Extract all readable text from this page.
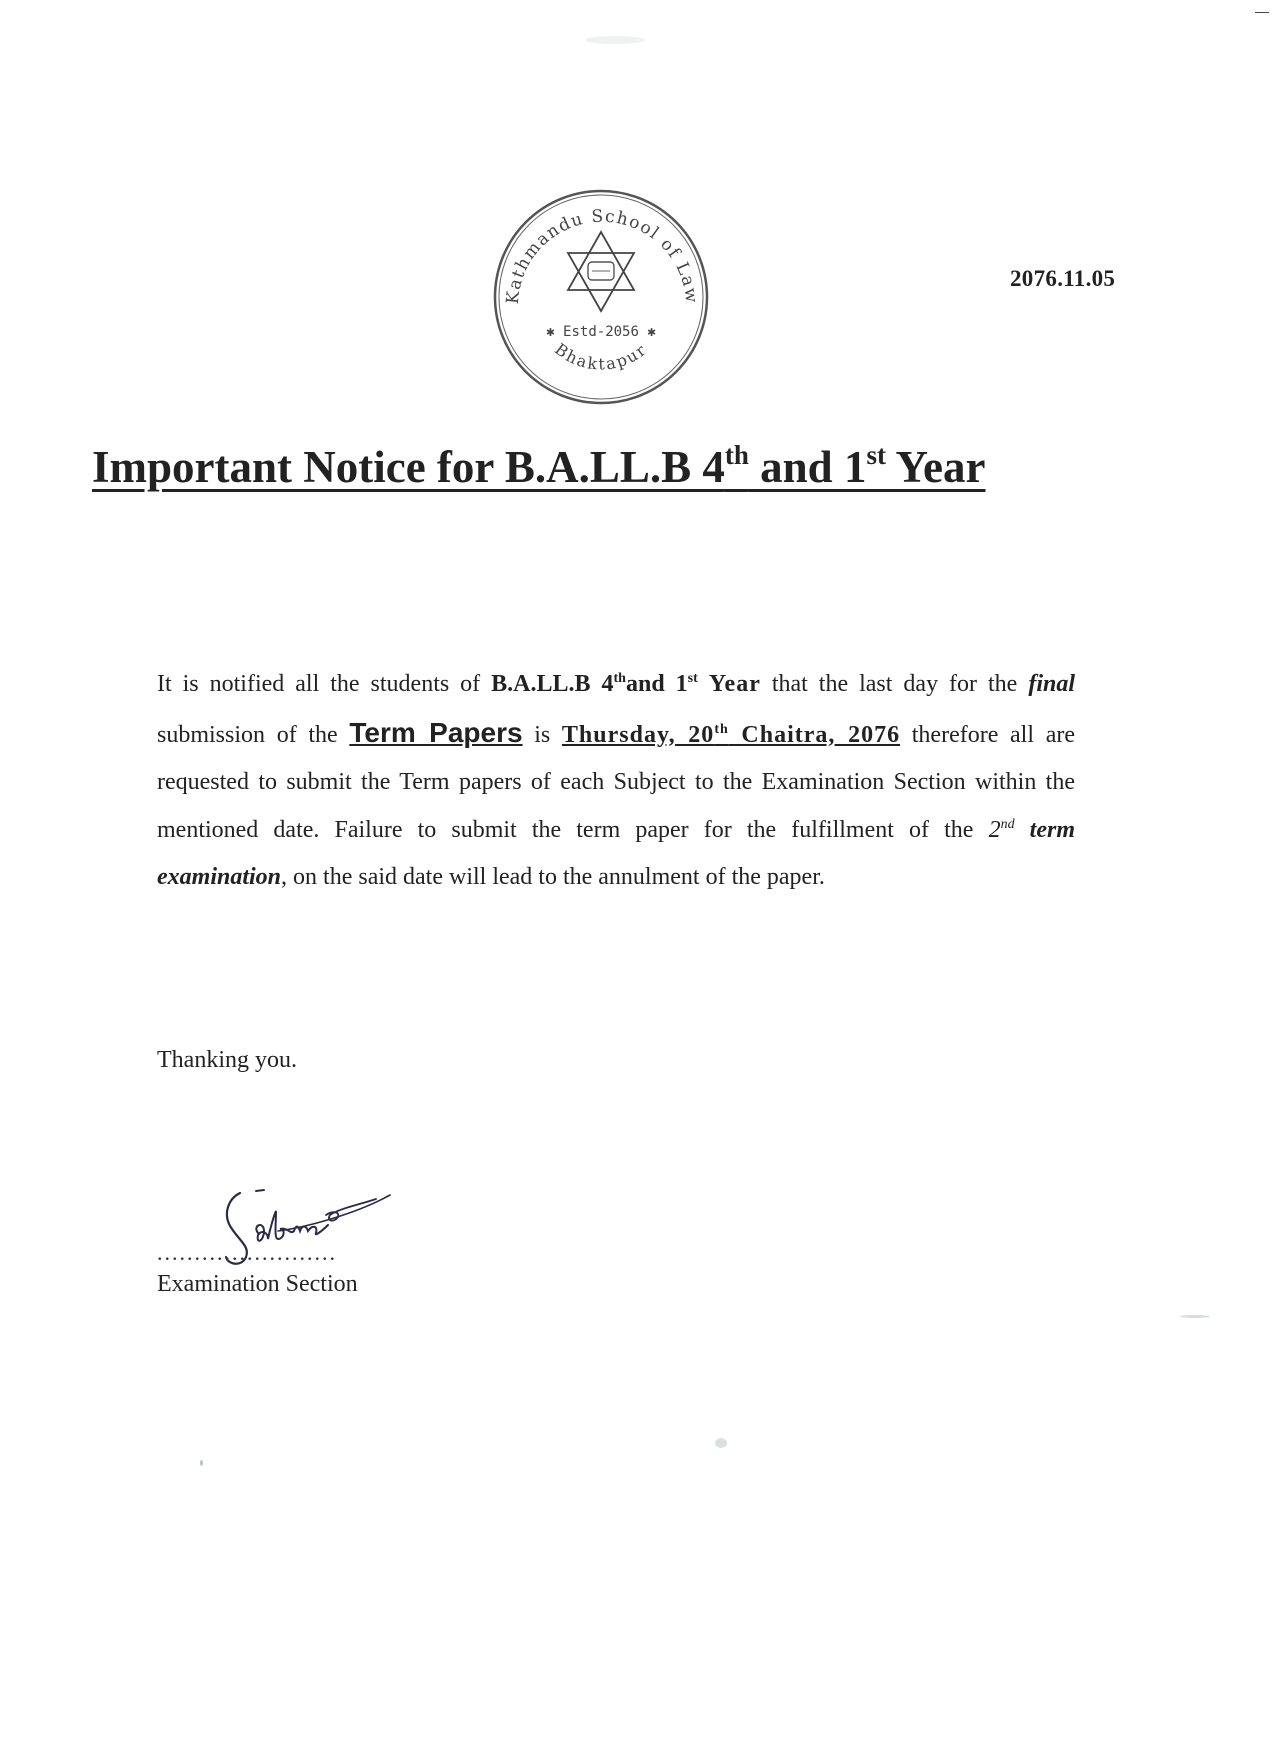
Kathmandu School of Law
✱ Estd-2056 ✱
Bhaktapur
2076.11.05
Important Notice for B.A.LL.B 4th and 1st Year
It is notified all the students of B.A.LL.B 4thand 1st Year that the last day for the final submission of the Term Papers is Thursday, 20th Chaitra, 2076 therefore all are requested to submit the Term papers of each Subject to the Examination Section within the mentioned date. Failure to submit the term paper for the fulfillment of the 2nd term examination, on the said date will lead to the annulment of the paper.
Thanking you.
........................
Examination Section
